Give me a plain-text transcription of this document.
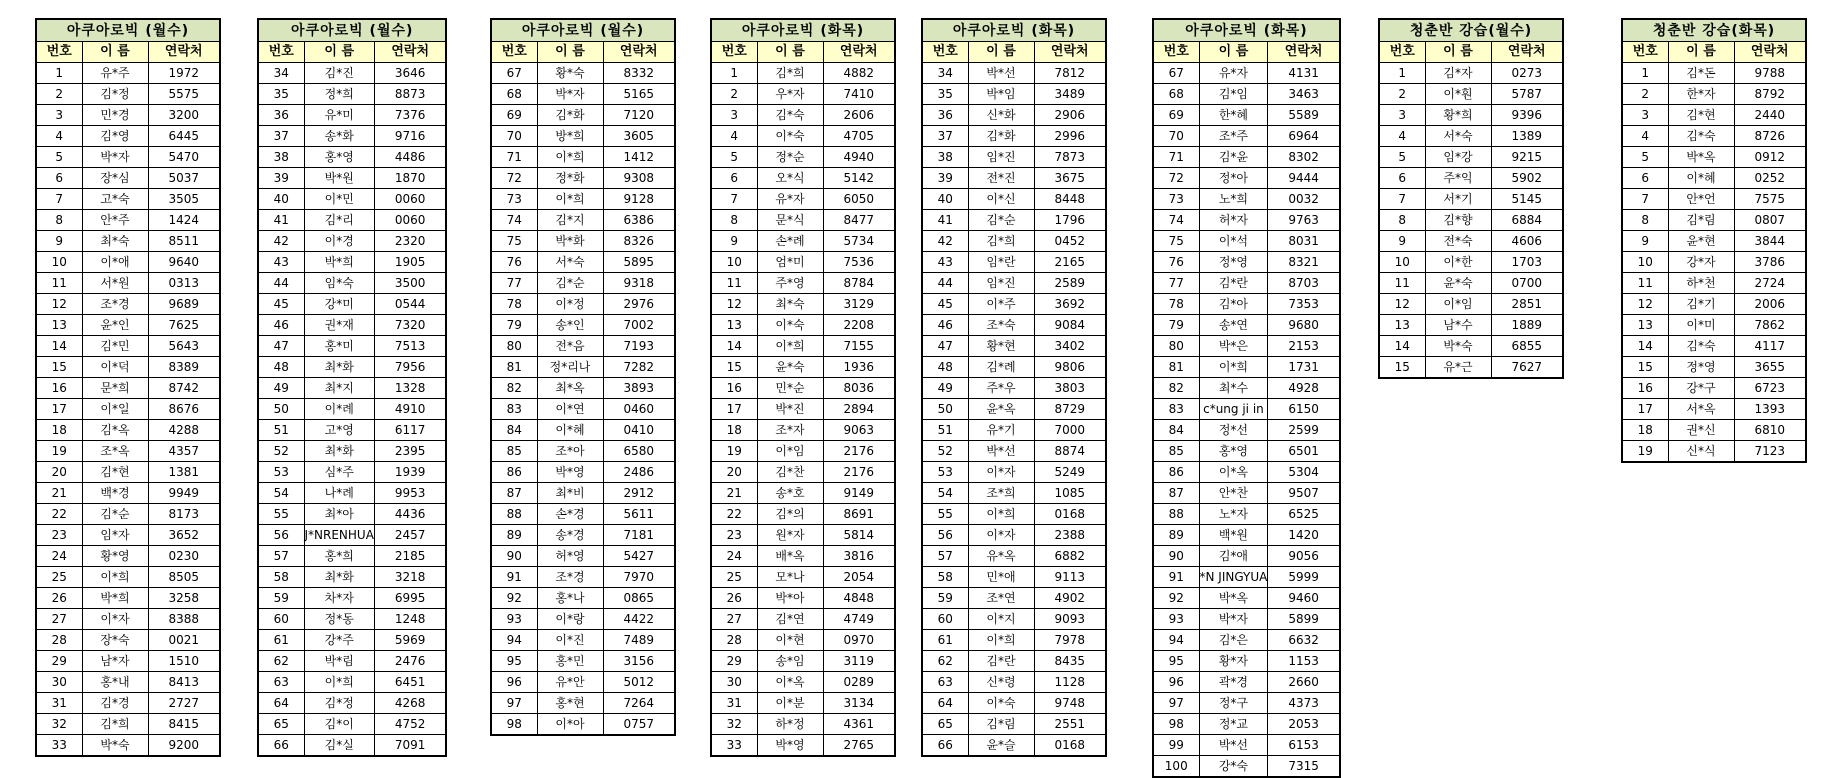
아쿠아로빅 (월수)		
번호	이 름	연락처
1	유*주	1972
2	김*정	5575
3	민*경	3200
4	김*영	6445
5	박*자	5470
6	장*심	5037
7	고*숙	3505
8	안*주	1424
9	최*숙	8511
10	이*애	9640
11	서*원	0313
12	조*경	9689
13	윤*인	7625
14	김*민	5643
15	이*덕	8389
16	문*희	8742
17	이*일	8676
18	김*옥	4288
19	조*옥	4357
20	김*현	1381
21	백*경	9949
22	김*순	8173
23	임*자	3652
24	황*영	0230
25	이*희	8505
26	박*희	3258
27	이*자	8388
28	장*숙	0021
29	남*자	1510
30	홍*내	8413
31	김*경	2727
32	김*희	8415
33	박*숙	9200
아쿠아로빅 (월수)		
번호	이 름	연락처
34	김*진	3646
35	정*희	8873
36	유*미	7376
37	송*화	9716
38	홍*영	4486
39	박*원	1870
40	이*민	0060
41	김*리	0060
42	이*경	2320
43	박*희	1905
44	임*숙	3500
45	강*미	0544
46	권*재	7320
47	홍*미	7513
48	최*화	7956
49	최*지	1328
50	이*례	4910
51	고*영	6117
52	최*화	2395
53	심*주	1939
54	나*례	9953
55	최*아	4436
56	J*NRENHUA	2457
57	홍*희	2185
58	최*화	3218
59	차*자	6995
60	정*동	1248
61	강*주	5969
62	박*림	2476
63	이*희	6451
64	김*정	4268
65	김*이	4752
66	김*실	7091
아쿠아로빅 (월수)		
번호	이 름	연락처
67	황*숙	8332
68	박*자	5165
69	김*화	7120
70	방*희	3605
71	이*희	1412
72	정*화	9308
73	이*희	9128
74	김*지	6386
75	박*화	8326
76	서*숙	5895
77	김*순	9318
78	이*정	2976
79	송*인	7002
80	전*음	7193
81	정*리나	7282
82	최*옥	3893
83	이*연	0460
84	이*혜	0410
85	조*아	6580
86	박*영	2486
87	최*비	2912
88	손*경	5611
89	송*경	7181
90	허*영	5427
91	조*경	7970
92	홍*나	0865
93	이*랑	4422
94	이*진	7489
95	홍*민	3156
96	유*안	5012
97	홍*현	7264
98	이*아	0757
아쿠아로빅 (화목)		
번호	이 름	연락처
1	김*희	4882
2	우*자	7410
3	김*숙	2606
4	이*숙	4705
5	정*순	4940
6	오*식	5142
7	유*자	6050
8	문*식	8477
9	손*례	5734
10	엄*미	7536
11	주*영	8784
12	최*숙	3129
13	이*숙	2208
14	이*희	7155
15	윤*숙	1936
16	민*순	8036
17	박*진	2894
18	조*자	9063
19	이*임	2176
20	김*찬	2176
21	송*호	9149
22	김*의	8691
23	원*자	5814
24	배*옥	3816
25	모*나	2054
26	박*아	4848
27	김*연	4749
28	이*현	0970
29	송*임	3119
30	이*옥	0289
31	이*분	3134
32	하*정	4361
33	박*영	2765
아쿠아로빅 (화목)		
번호	이 름	연락처
34	박*선	7812
35	박*임	3489
36	신*화	2906
37	김*화	2996
38	임*진	7873
39	전*진	3675
40	이*신	8448
41	김*순	1796
42	김*희	0452
43	임*란	2165
44	임*진	2589
45	이*주	3692
46	조*숙	9084
47	황*현	3402
48	김*례	9806
49	주*우	3803
50	윤*옥	8729
51	유*기	7000
52	박*선	8874
53	이*자	5249
54	조*희	1085
55	이*희	0168
56	이*자	2388
57	유*옥	6882
58	민*애	9113
59	조*연	4902
60	이*지	9093
61	이*희	7978
62	김*란	8435
63	신*령	1128
64	이*숙	9748
65	김*림	2551
66	윤*슬	0168
아쿠아로빅 (화목)		
번호	이 름	연락처
67	유*자	4131
68	김*임	3463
69	한*혜	5589
70	조*주	6964
71	김*윤	8302
72	정*아	9444
73	노*희	0032
74	허*자	9763
75	이*석	8031
76	정*영	8321
77	김*란	8703
78	김*아	7353
79	송*연	9680
80	박*은	2153
81	이*희	1731
82	최*수	4928
83	c*ung ji in	6150
84	정*선	2599
85	홍*영	6501
86	이*옥	5304
87	안*찬	9507
88	노*자	6525
89	백*원	1420
90	김*애	9056
91	*N JINGYUA	5999
92	박*옥	9460
93	박*자	5899
94	김*은	6632
95	황*자	1153
96	곽*경	2660
97	정*구	4373
98	정*교	2053
99	박*선	6153
100	강*숙	7315
청춘반 강습(월수)		
번호	이 름	연락처
1	김*자	0273
2	이*훤	5787
3	황*희	9396
4	서*숙	1389
5	임*강	9215
6	주*익	5902
7	서*기	5145
8	김*향	6884
9	전*숙	4606
10	이*한	1703
11	윤*숙	0700
12	이*임	2851
13	남*수	1889
14	박*숙	6855
15	유*근	7627
청춘반 강습(화목)		
번호	이 름	연락처
1	김*돈	9788
2	한*자	8792
3	김*현	2440
4	김*숙	8726
5	박*옥	0912
6	이*혜	0252
7	안*언	7575
8	김*림	0807
9	윤*현	3844
10	강*자	3786
11	하*천	2724
12	김*기	2006
13	이*미	7862
14	김*숙	4117
15	정*영	3655
16	강*구	6723
17	서*옥	1393
18	권*신	6810
19	신*식	7123
